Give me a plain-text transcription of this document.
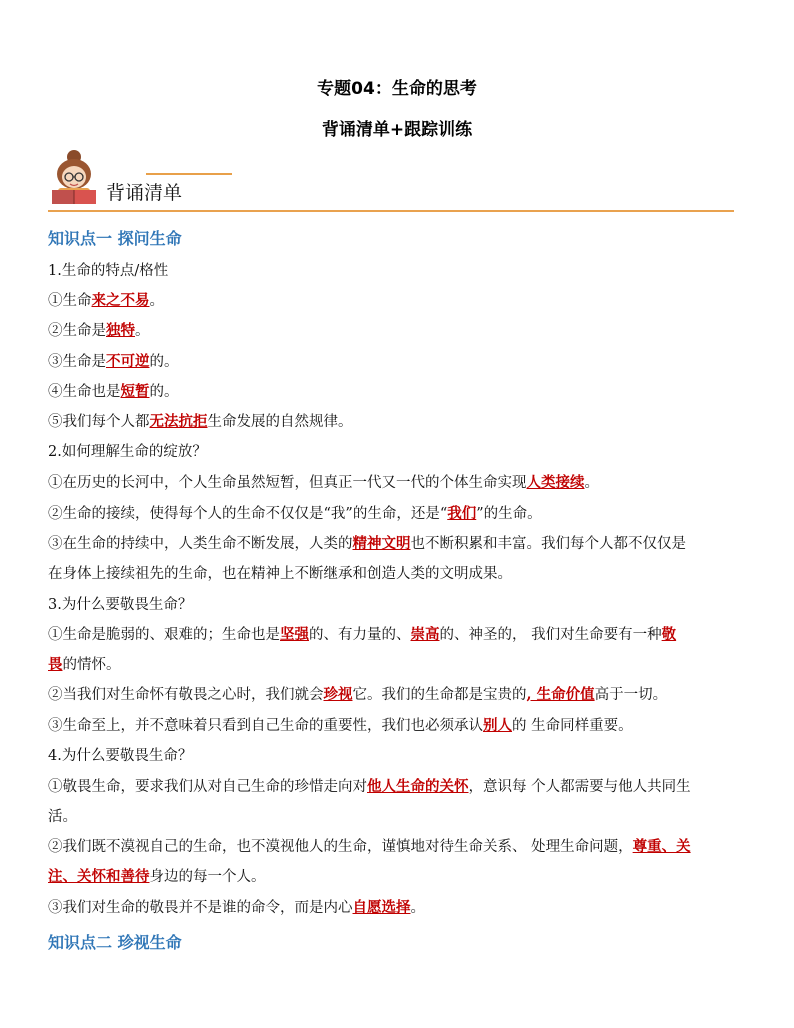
专题04：生命的思考
背诵清单+跟踪训练
背诵清单
知识点一 探问生命
1.生命的特点/格性
①生命来之不易。
②生命是独特。
③生命是不可逆的。
④生命也是短暂的。
⑤我们每个人都无法抗拒生命发展的自然规律。
2.如何理解生命的绽放？
①在历史的长河中，个人生命虽然短暂，但真正一代又一代的个体生命实现人类接续。
②生命的接续，使得每个人的生命不仅仅是“我”的生命，还是“我们”的生命。
③在生命的持续中，人类生命不断发展，人类的精神文明也不断积累和丰富。我们每个人都不仅仅是
在身体上接续祖先的生命，也在精神上不断继承和创造人类的文明成果。
3.为什么要敬畏生命？
①生命是脆弱的、艰难的；生命也是坚强的、有力量的、崇高的、神圣的， 我们对生命要有一种敬
畏的情怀。
②当我们对生命怀有敬畏之心时，我们就会珍视它。我们的生命都是宝贵的, 生命价值高于一切。
③生命至上，并不意味着只看到自己生命的重要性，我们也必须承认别人的 生命同样重要。
4.为什么要敬畏生命？
①敬畏生命，要求我们从对自己生命的珍惜走向对他人生命的关怀，意识每 个人都需要与他人共同生
活。
②我们既不漠视自己的生命，也不漠视他人的生命，谨慎地对待生命关系、 处理生命问题，尊重、关
注、关怀和善待身边的每一个人。
③我们对生命的敬畏并不是谁的命令，而是内心自愿选择。
知识点二 珍视生命
